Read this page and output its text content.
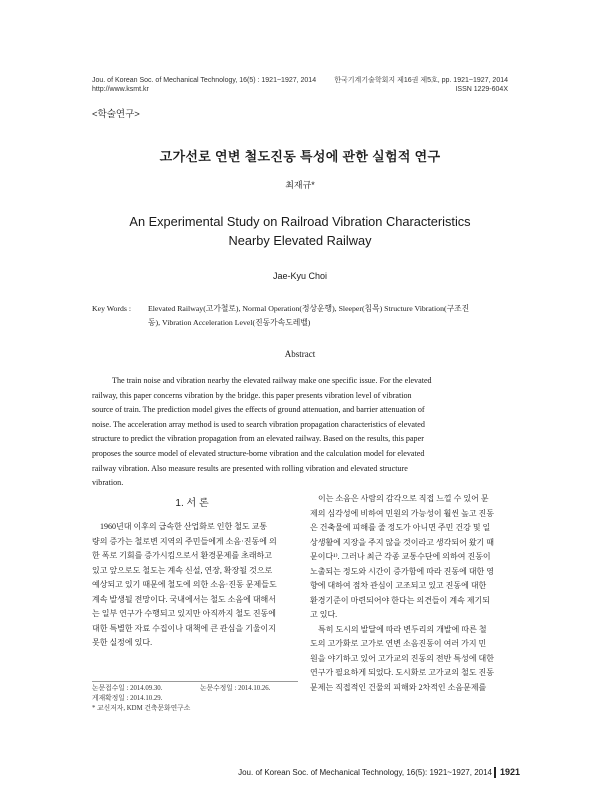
Jou. of Korean Soc. of Mechanical Technology, 16(5) : 1921~1927, 2014
http://www.ksmt.kr
한국기계기술학회지 제16권 제5호, pp. 1921~1927, 2014
ISSN 1229-604X
<학술연구>
고가선로 연변 철도진동 특성에 관한 실험적 연구
최재규*
An Experimental Study on Railroad Vibration Characteristics
Nearby Elevated Railway
Jae-Kyu Choi
Key Words : Elevated Railway(고가철로), Normal Operation(정상운행), Sleeper(침목) Structure Vibration(구조진
동), Vibration Acceleration Level(진동가속도레벨)
Abstract
The train noise and vibration nearby the elevated railway make one specific issue. For the elevated
railway, this paper concerns vibration by the bridge. this paper presents vibration level of vibration
source of train. The prediction model gives the effects of ground attenuation, and barrier attenuation of
noise. The acceleration array method is used to search vibration propagation characteristics of elevated
structure to predict the vibration propagation from an elevated railway. Based on the results, this paper
proposes the source model of elevated structure-borne vibration and the calculation model for elevated
railway vibration. Also measure results are presented with rolling vibration and elevated structure
vibration.
1. 서 론
1960년대 이후의 급속한 산업화로 인한 철도 교통
량의 증가는 철로변 지역의 주민들에게 소음·진동에 의
한 폭로 기회를 증가시킴으로서 환경문제를 초래하고
있고 앞으로도 철도는 계속 신설, 연장, 확장될 것으로
예상되고 있기 때문에 철도에 의한 소음·진동 문제들도
계속 발생될 전망이다. 국내에서는 철도 소음에 대해서
는 일부 연구가 수행되고 있지만 아직까지 철도 진동에
대한 특별한 자료 수집이나 대책에 큰 관심을 기울이지
못한 실정에 있다.
논문접수일 : 2014.09.30.	논문수정일 : 2014.10.26.
게재확정일 : 2014.10.29.
* 교신저자, KDM 건축문화연구소
이는 소음은 사람의 감각으로 직접 느낄 수 있어 문
제의 심각성에 비하여 민원의 가능성이 훨씬 높고 진동
은 건축물에 피해를 줄 정도가 아니면 주민 건강 및 일
상생활에 지장을 주지 않을 것이라고 생각되어 왔기 때
문이다¹⁾. 그러나 최근 각종 교통수단에 의하여 진동이
노출되는 정도와 시간이 증가함에 따라 진동에 대한 영
향에 대하여 점차 관심이 고조되고 있고 진동에 대한
환경기준이 마련되어야 한다는 의견들이 계속 제기되
고 있다.
특히 도시의 발달에 따라 변두리의 개발에 따른 철
도의 고가화로 고가로 연변 소음진동이 여러 가지 민
원을 야기하고 있어 고가교의 진동의 전반 특성에 대한
연구가 필요하게 되었다. 도시화로 고가교의 철도 진동
문제는 직접적인 건물의 피해와 2차적인 소음문제를
Jou. of Korean Soc. of Mechanical Technology, 16(5): 1921~1927, 2014 1921
